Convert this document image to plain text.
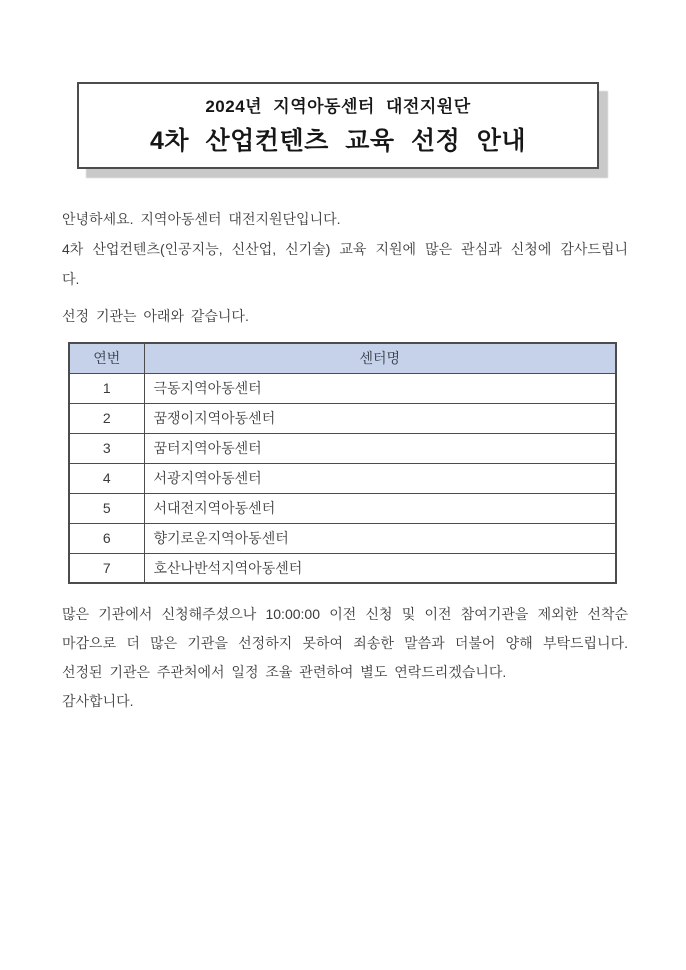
2024년 지역아동센터 대전지원단
4차 산업컨텐츠 교육 선정 안내
안녕하세요. 지역아동센터 대전지원단입니다.
4차 산업컨텐츠(인공지능, 신산업, 신기술) 교육 지원에 많은 관심과 신청에 감사드립니
다.
선정 기관는 아래와 같습니다.
연번	센터명
1	극동지역아동센터
2	꿈쟁이지역아동센터
3	꿈터지역아동센터
4	서광지역아동센터
5	서대전지역아동센터
6	향기로운지역아동센터
7	호산나반석지역아동센터
많은 기관에서 신청해주셨으나 10:00:00 이전 신청 및 이전 참여기관을 제외한 선착순
마감으로 더 많은 기관을 선정하지 못하여 죄송한 말씀과 더불어 양해 부탁드립니다.
선정된 기관은 주관처에서 일정 조율 관련하여 별도 연락드리겠습니다.
감사합니다.
